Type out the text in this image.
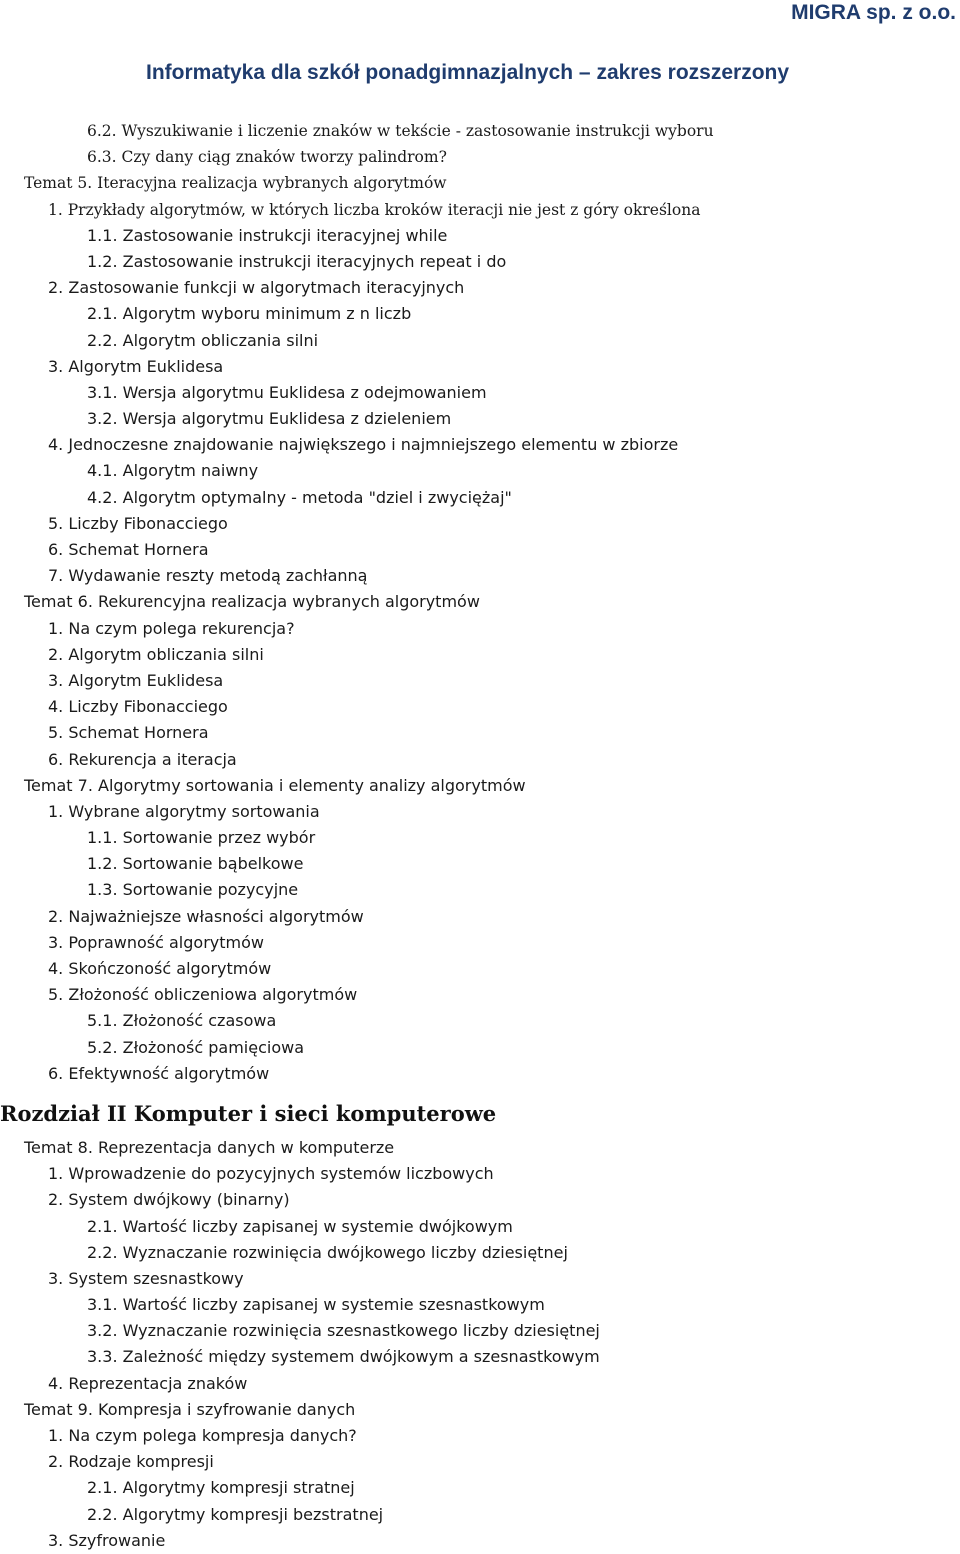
MIGRA sp. z o.o.
Informatyka dla szkół ponadgimnazjalnych – zakres rozszerzony
6.2. Wyszukiwanie i liczenie znaków w tekście - zastosowanie instrukcji wyboru
6.3. Czy dany ciąg znaków tworzy palindrom?
Temat 5. Iteracyjna realizacja wybranych algorytmów
1. Przykłady algorytmów, w których liczba kroków iteracji nie jest z góry określona
1.1. Zastosowanie instrukcji iteracyjnej while
1.2. Zastosowanie instrukcji iteracyjnych repeat i do
2. Zastosowanie funkcji w algorytmach iteracyjnych
2.1. Algorytm wyboru minimum z n liczb
2.2. Algorytm obliczania silni
3. Algorytm Euklidesa
3.1. Wersja algorytmu Euklidesa z odejmowaniem
3.2. Wersja algorytmu Euklidesa z dzieleniem
4. Jednoczesne znajdowanie największego i najmniejszego elementu w zbiorze
4.1. Algorytm naiwny
4.2. Algorytm optymalny - metoda "dziel i zwyciężaj"
5. Liczby Fibonacciego
6. Schemat Hornera
7. Wydawanie reszty metodą zachłanną
Temat 6. Rekurencyjna realizacja wybranych algorytmów
1. Na czym polega rekurencja?
2. Algorytm obliczania silni
3. Algorytm Euklidesa
4. Liczby Fibonacciego
5. Schemat Hornera
6. Rekurencja a iteracja
Temat 7. Algorytmy sortowania i elementy analizy algorytmów
1. Wybrane algorytmy sortowania
1.1. Sortowanie przez wybór
1.2. Sortowanie bąbelkowe
1.3. Sortowanie pozycyjne
2. Najważniejsze własności algorytmów
3. Poprawność algorytmów
4. Skończoność algorytmów
5. Złożoność obliczeniowa algorytmów
5.1. Złożoność czasowa
5.2. Złożoność pamięciowa
6. Efektywność algorytmów
Rozdział II Komputer i sieci komputerowe
Temat 8. Reprezentacja danych w komputerze
1. Wprowadzenie do pozycyjnych systemów liczbowych
2. System dwójkowy (binarny)
2.1. Wartość liczby zapisanej w systemie dwójkowym
2.2. Wyznaczanie rozwinięcia dwójkowego liczby dziesiętnej
3. System szesnastkowy
3.1. Wartość liczby zapisanej w systemie szesnastkowym
3.2. Wyznaczanie rozwinięcia szesnastkowego liczby dziesiętnej
3.3. Zależność między systemem dwójkowym a szesnastkowym
4. Reprezentacja znaków
Temat 9. Kompresja i szyfrowanie danych
1. Na czym polega kompresja danych?
2. Rodzaje kompresji
2.1. Algorytmy kompresji stratnej
2.2. Algorytmy kompresji bezstratnej
3. Szyfrowanie
